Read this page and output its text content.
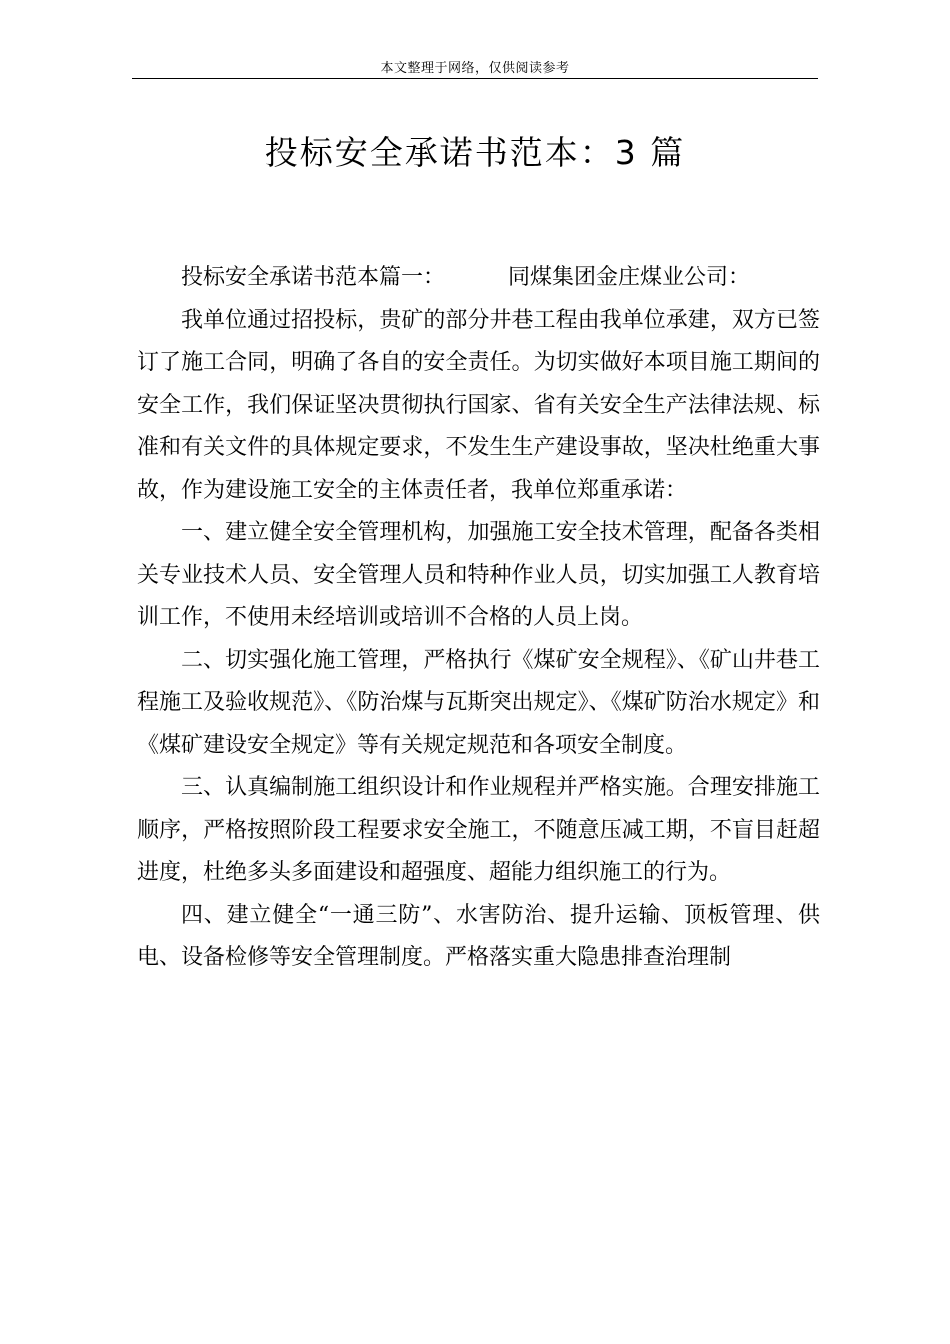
本文整理于网络，仅供阅读参考
投标安全承诺书范本：3 篇

投标安全承诺书范本篇一：	同煤集团金庄煤业公司：

我单位通过招投标，贵矿的部分井巷工程由我单位承建，双方已签订了施工合同，明确了各自的安全责任。为切实做好本项目施工期间的安全工作，我们保证坚决贯彻执行国家、省有关安全生产法律法规、标准和有关文件的具体规定要求，不发生生产建设事故，坚决杜绝重大事故，作为建设施工安全的主体责任者，我单位郑重承诺：

一、建立健全安全管理机构，加强施工安全技术管理，配备各类相关专业技术人员、安全管理人员和特种作业人员，切实加强工人教育培训工作，不使用未经培训或培训不合格的人员上岗。

二、切实强化施工管理，严格执行《煤矿安全规程》、《矿山井巷工程施工及验收规范》、《防治煤与瓦斯突出规定》、《煤矿防治水规定》和《煤矿建设安全规定》等有关规定规范和各项安全制度。

三、认真编制施工组织设计和作业规程并严格实施。合理安排施工顺序，严格按照阶段工程要求安全施工，不随意压减工期，不盲目赶超进度，杜绝多头多面建设和超强度、超能力组织施工的行为。

四、建立健全“一通三防”、水害防治、提升运输、顶板管理、供电、设备检修等安全管理制度。严格落实重大隐患排查治理制
